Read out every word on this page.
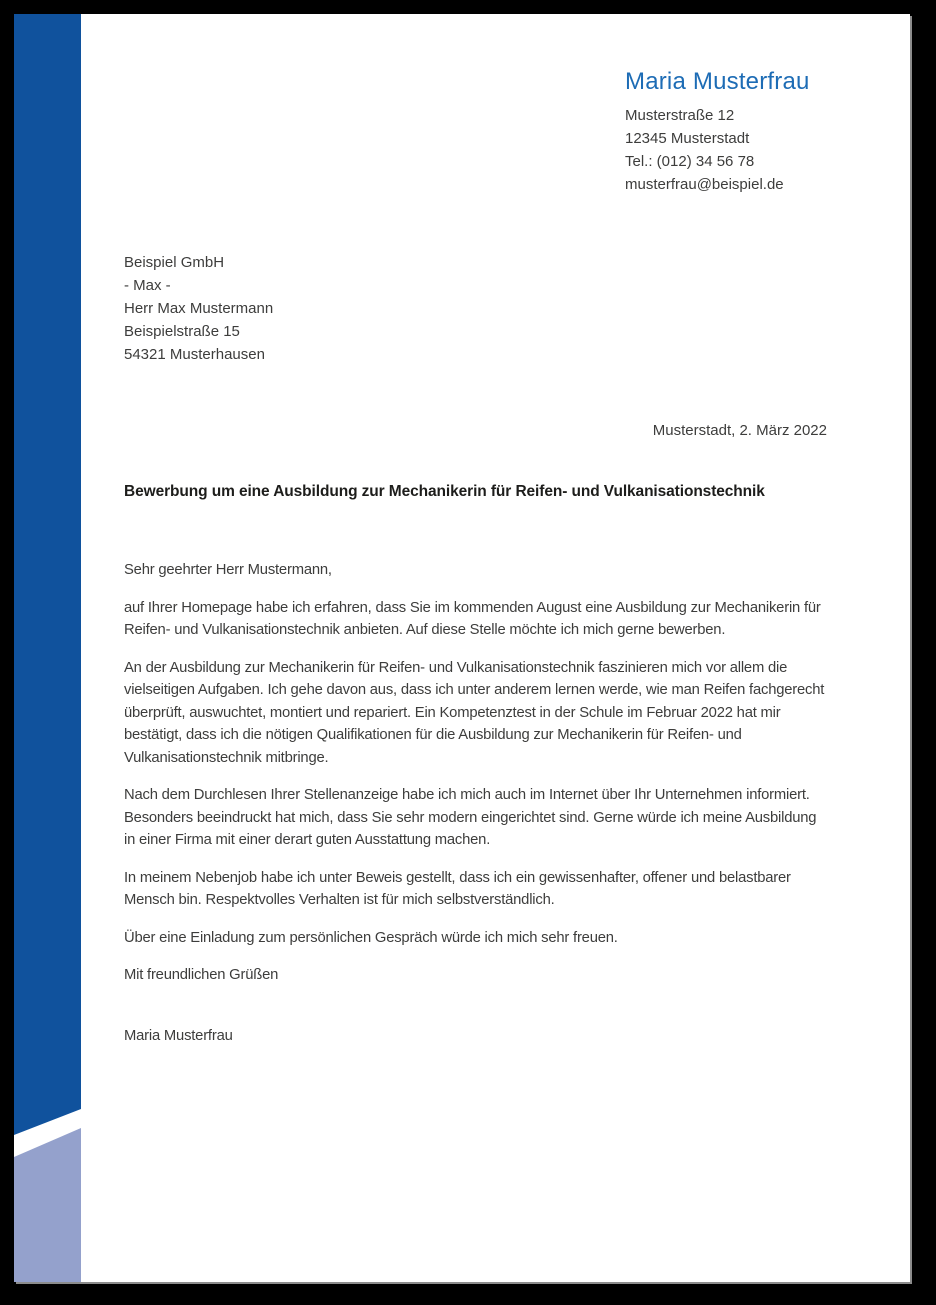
Maria Musterfrau
Musterstraße 12
12345 Musterstadt
Tel.: (012) 34 56 78
musterfrau@beispiel.de
Beispiel GmbH
- Max -
Herr Max Mustermann
Beispielstraße 15
54321 Musterhausen
Musterstadt, 2. März 2022
Bewerbung um eine Ausbildung zur Mechanikerin für Reifen- und Vulkanisationstechnik

Sehr geehrter Herr Mustermann,

auf Ihrer Homepage habe ich erfahren, dass Sie im kommenden August eine Ausbildung zur Mechanikerin für Reifen- und Vulkanisationstechnik anbieten. Auf diese Stelle möchte ich mich gerne bewerben.

An der Ausbildung zur Mechanikerin für Reifen- und Vulkanisationstechnik faszinieren mich vor allem die vielseitigen Aufgaben. Ich gehe davon aus, dass ich unter anderem lernen werde, wie man Reifen fachgerecht überprüft, auswuchtet, montiert und repariert. Ein Kompetenztest in der Schule im Februar 2022 hat mir bestätigt, dass ich die nötigen Qualifikationen für die Ausbildung zur Mechanikerin für Reifen- und Vulkanisationstechnik mitbringe.

Nach dem Durchlesen Ihrer Stellenanzeige habe ich mich auch im Internet über Ihr Unternehmen informiert. Besonders beeindruckt hat mich, dass Sie sehr modern eingerichtet sind. Gerne würde ich meine Ausbildung in einer Firma mit einer derart guten Ausstattung machen.

In meinem Nebenjob habe ich unter Beweis gestellt, dass ich ein gewissenhafter, offener und belastbarer Mensch bin. Respektvolles Verhalten ist für mich selbstverständlich.

Über eine Einladung zum persönlichen Gespräch würde ich mich sehr freuen.

Mit freundlichen Grüßen

Maria Musterfrau
